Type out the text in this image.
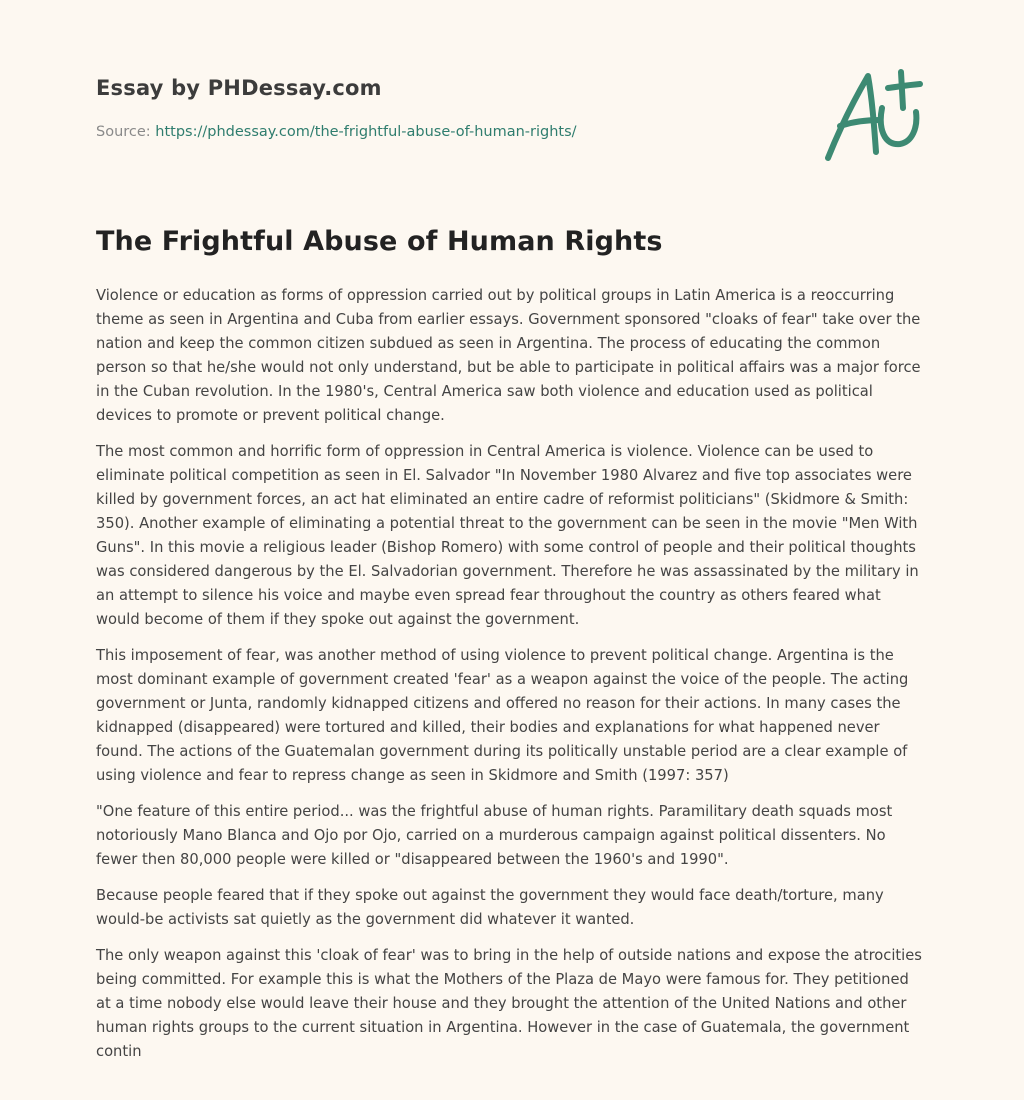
Essay by PHDessay.com
Source: https://phdessay.com/the-frightful-abuse-of-human-rights/
The Frightful Abuse of Human Rights

Violence or education as forms of oppression carried out by political groups in Latin America is a reoccurring theme as seen in Argentina and Cuba from earlier essays. Government sponsored "cloaks of fear" take over the nation and keep the common citizen subdued as seen in Argentina. The process of educating the common person so that he/she would not only understand, but be able to participate in political affairs was a major force in the Cuban revolution. In the 1980's, Central America saw both violence and education used as political devices to promote or prevent political change.

The most common and horrific form of oppression in Central America is violence. Violence can be used to eliminate political competition as seen in El. Salvador "In November 1980 Alvarez and five top associates were killed by government forces, an act hat eliminated an entire cadre of reformist politicians" (Skidmore & Smith: 350). Another example of eliminating a potential threat to the government can be seen in the movie "Men With Guns". In this movie a religious leader (Bishop Romero) with some control of people and their political thoughts was considered dangerous by the El. Salvadorian government. Therefore he was assassinated by the military in an attempt to silence his voice and maybe even spread fear throughout the country as others feared what would become of them if they spoke out against the government.

This imposement of fear, was another method of using violence to prevent political change. Argentina is the most dominant example of government created 'fear' as a weapon against the voice of the people. The acting government or Junta, randomly kidnapped citizens and offered no reason for their actions. In many cases the kidnapped (disappeared) were tortured and killed, their bodies and explanations for what happened never found. The actions of the Guatemalan government during its politically unstable period are a clear example of using violence and fear to repress change as seen in Skidmore and Smith (1997: 357)

"One feature of this entire period... was the frightful abuse of human rights. Paramilitary death squads most notoriously Mano Blanca and Ojo por Ojo, carried on a murderous campaign against political dissenters. No fewer then 80,000 people were killed or "disappeared between the 1960's and 1990".

Because people feared that if they spoke out against the government they would face death/torture, many would-be activists sat quietly as the government did whatever it wanted.

The only weapon against this 'cloak of fear' was to bring in the help of outside nations and expose the atrocities being committed. For example this is what the Mothers of the Plaza de Mayo were famous for. They petitioned at a time nobody else would leave their house and they brought the attention of the United Nations and other human rights groups to the current situation in Argentina. However in the case of Guatemala, the government contin
